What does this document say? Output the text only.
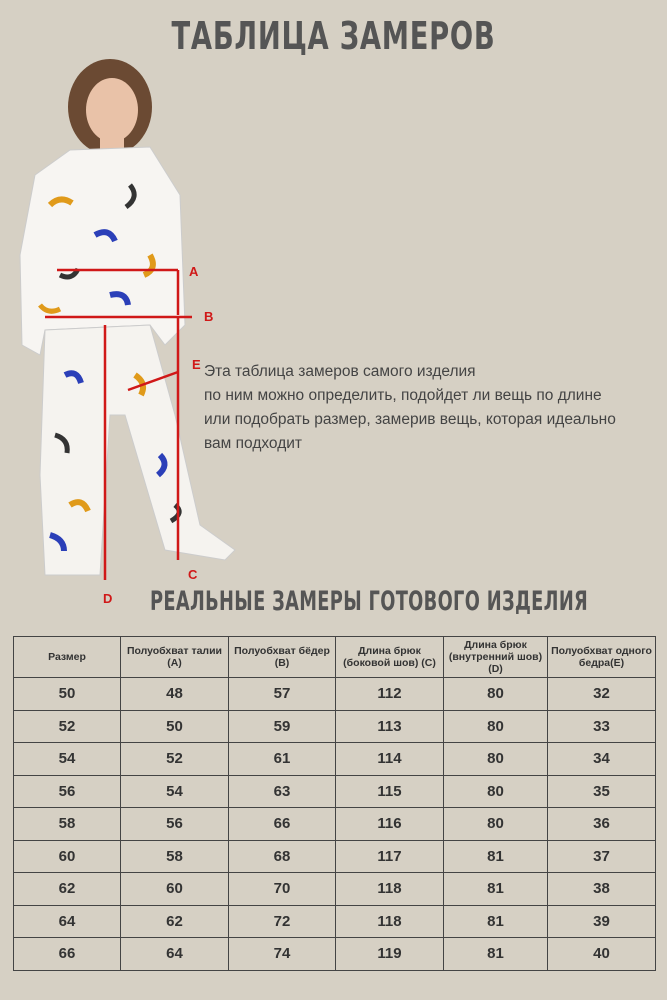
ТАБЛИЦА ЗАМЕРОВ
A
B
E
C
D
Эта таблица замеров самого изделия
по ним можно определить, подойдет ли вещь по длине
или подобрать размер, замерив вещь, которая идеально
вам подходит
РЕАЛЬНЫЕ ЗАМЕРЫ ГОТОВОГО ИЗДЕЛИЯ
Размер	Полуобхват талии (А)	Полуобхват бёдер (В)	Длина брюк (боковой шов) (С)	Длина брюк (внутренний шов) (D)	Полуобхват одного бедра(Е)
50	48	57	112	80	32
52	50	59	113	80	33
54	52	61	114	80	34
56	54	63	115	80	35
58	56	66	116	80	36
60	58	68	117	81	37
62	60	70	118	81	38
64	62	72	118	81	39
66	64	74	119	81	40
